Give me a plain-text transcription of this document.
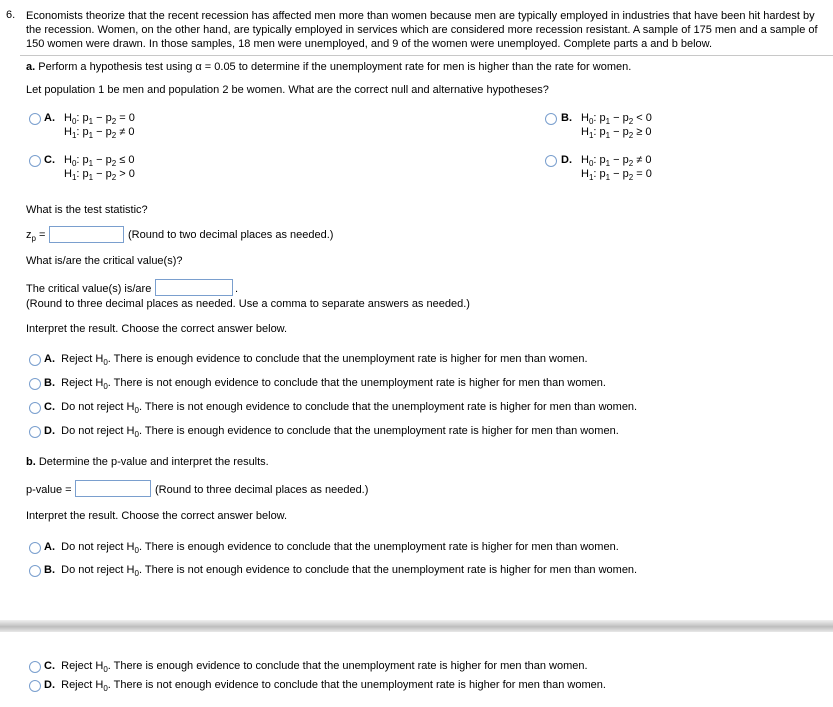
6. Economists theorize that the recent recession has affected men more than women because men are typically employed in industries that have been hit hardest by the recession. Women, on the other hand, are typically employed in services which are considered more recession resistant. A sample of 175 men and a sample of 150 women were drawn. In those samples, 18 men were unemployed, and 9 of the women were unemployed. Complete parts a and b below.
a. Perform a hypothesis test using α = 0.05 to determine if the unemployment rate for men is higher than the rate for women.
Let population 1 be men and population 2 be women. What are the correct null and alternative hypotheses?
A. $H_0$: $p_1 - p_2 = 0$
$H_1$: $p_1 - p_2 \ne 0$
B. $H_0$: $p_1 - p_2 < 0$
$H_1$: $p_1 - p_2 \ge 0$
C. $H_0$: $p_1 - p_2 \le 0$
$H_1$: $p_1 - p_2 > 0$
D. $H_0$: $p_1 - p_2 \ne 0$
$H_1$: $p_1 - p_2 = 0$
What is the test statistic?
$z_p$ =	(Round to two decimal places as needed.)
What is/are the critical value(s)?
The critical value(s) is/are	.
(Round to three decimal places as needed. Use a comma to separate answers as needed.)
Interpret the result. Choose the correct answer below.
A. Reject $H_0$. There is enough evidence to conclude that the unemployment rate is higher for men than women.
B. Reject $H_0$. There is not enough evidence to conclude that the unemployment rate is higher for men than women.
C. Do not reject $H_0$. There is not enough evidence to conclude that the unemployment rate is higher for men than women.
D. Do not reject $H_0$. There is enough evidence to conclude that the unemployment rate is higher for men than women.
b. Determine the p-value and interpret the results.
p-value =	(Round to three decimal places as needed.)
Interpret the result. Choose the correct answer below.
A. Do not reject $H_0$. There is enough evidence to conclude that the unemployment rate is higher for men than women.
B. Do not reject $H_0$. There is not enough evidence to conclude that the unemployment rate is higher for men than women.
C. Reject $H_0$. There is enough evidence to conclude that the unemployment rate is higher for men than women.
D. Reject $H_0$. There is not enough evidence to conclude that the unemployment rate is higher for men than women.
